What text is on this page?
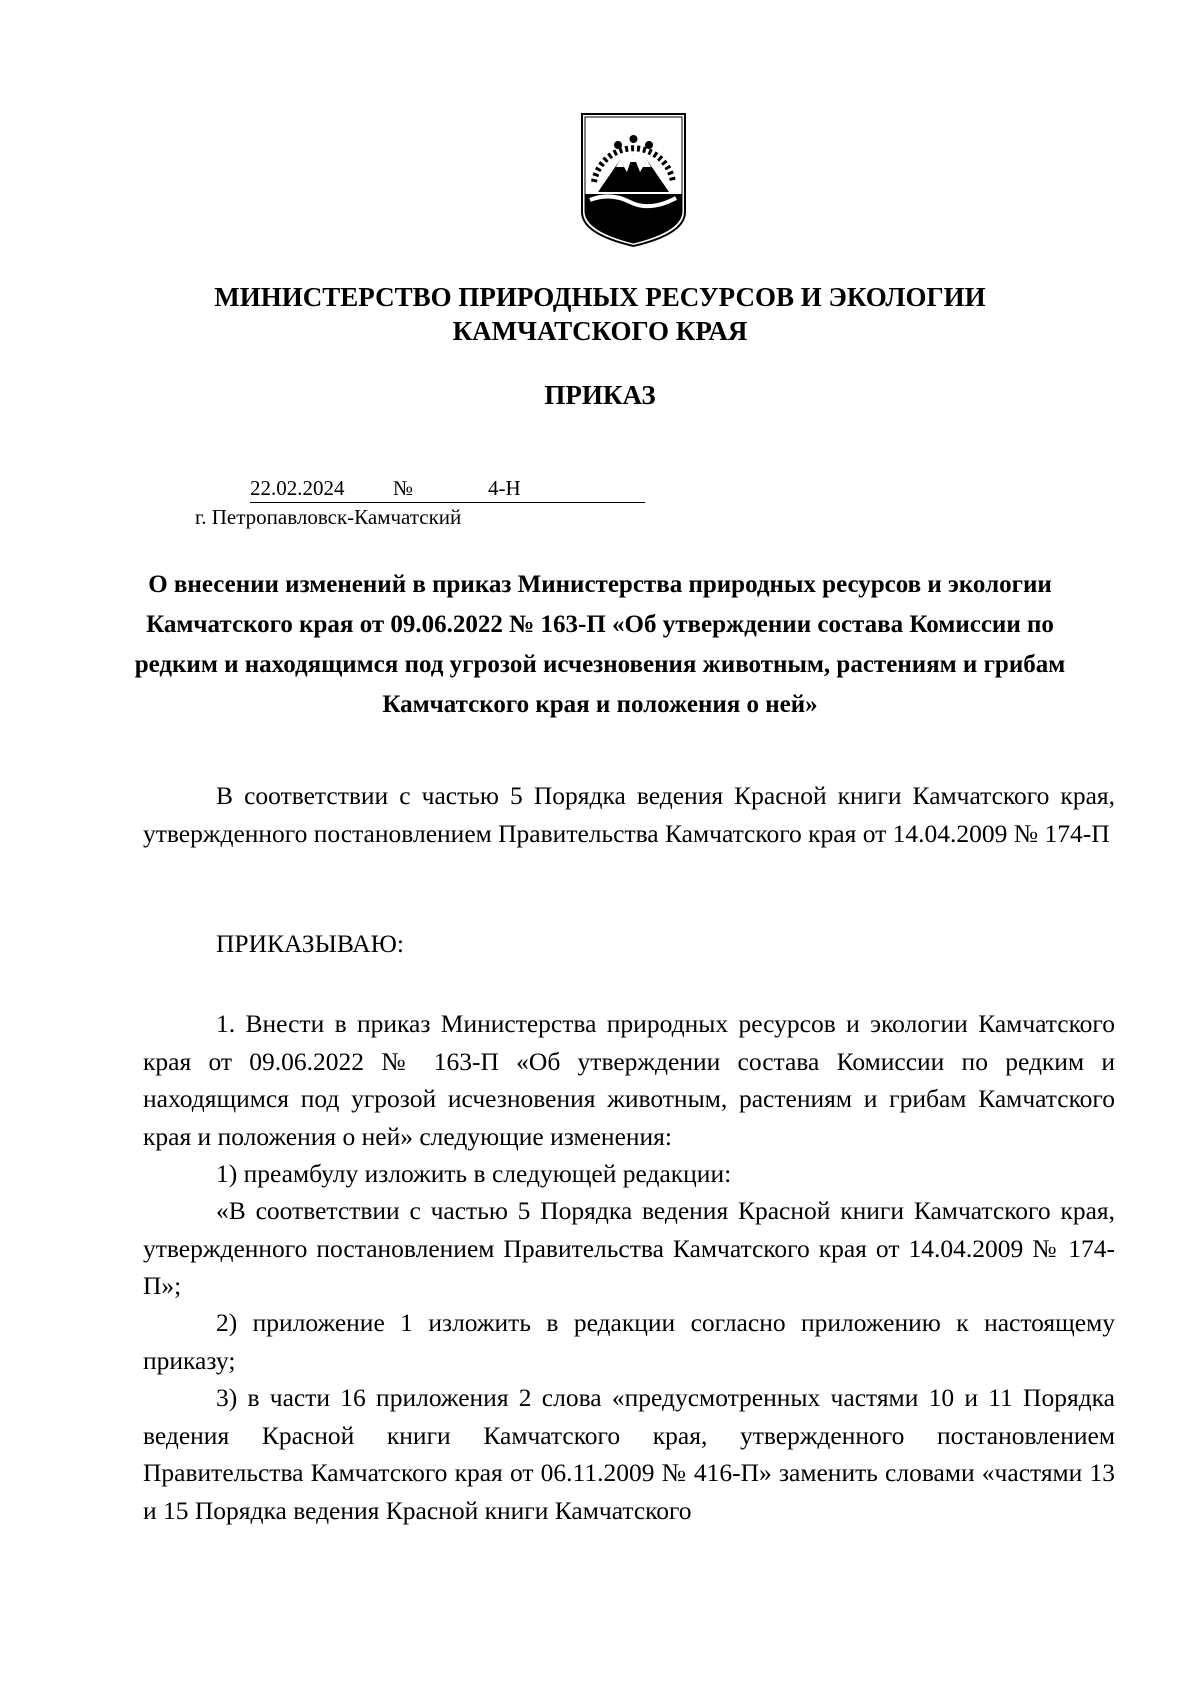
МИНИСТЕРСТВО ПРИРОДНЫХ РЕСУРСОВ И ЭКОЛОГИИ
КАМЧАТСКОГО КРАЯ
ПРИКАЗ
22.02.2024 №	4-Н
г. Петропавловск-Камчатский
О внесении изменений в приказ Министерства природных ресурсов и экологии Камчатского края от 09.06.2022 № 163-П «Об утверждении состава Комиссии по редким и находящимся под угрозой исчезновения животным, растениям и грибам Камчатского края и положения о ней»
В соответствии с частью 5 Порядка ведения Красной книги Камчатского края, утвержденного постановлением Правительства Камчатского края от 14.04.2009 № 174-П
ПРИКАЗЫВАЮ:
1. Внести в приказ Министерства природных ресурсов и экологии Камчатского края от 09.06.2022 № 163-П «Об утверждении состава Комиссии по редким и находящимся под угрозой исчезновения животным, растениям и грибам Камчатского края и положения о ней» следующие изменения:
1) преамбулу изложить в следующей редакции:
«В соответствии с частью 5 Порядка ведения Красной книги Камчатского края, утвержденного постановлением Правительства Камчатского края от 14.04.2009 № 174-П»;
2) приложение 1 изложить в редакции согласно приложению к настоящему приказу;
3) в части 16 приложения 2 слова «предусмотренных частями 10 и 11 Порядка ведения Красной книги Камчатского края, утвержденного постановлением Правительства Камчатского края от 06.11.2009 № 416-П» заменить словами «частями 13 и 15 Порядка ведения Красной книги Камчатского
